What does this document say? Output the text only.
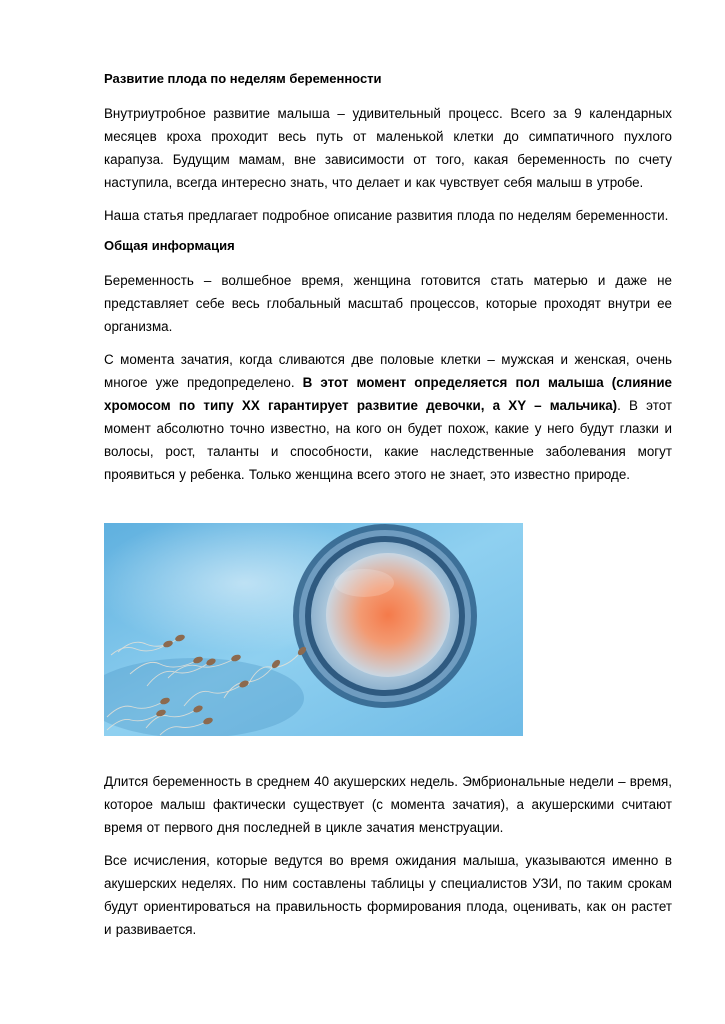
Развитие плода по неделям беременности

Внутриутробное развитие малыша – удивительный процесс. Всего за 9 календарных месяцев кроха проходит весь путь от маленькой клетки до симпатичного пухлого карапуза. Будущим мамам, вне зависимости от того, какая беременность по счету наступила, всегда интересно знать, что делает и как чувствует себя малыш в утробе.

Наша статья предлагает подробное описание развития плода по неделям беременности.

Общая информация

Беременность – волшебное время, женщина готовится стать матерью и даже не представляет себе весь глобальный масштаб процессов, которые проходят внутри ее организма.

С момента зачатия, когда сливаются две половые клетки – мужская и женская, очень многое уже предопределено. В этот момент определяется пол малыша (слияние хромосом по типу XX гарантирует развитие девочки, а XY – мальчика). В этот момент абсолютно точно известно, на кого он будет похож, какие у него будут глазки и волосы, рост, таланты и способности, какие наследственные заболевания могут проявиться у ребенка. Только женщина всего этого не знает, это известно природе.

Длится беременность в среднем 40 акушерских недель. Эмбриональные недели – время, которое малыш фактически существует (с момента зачатия), а акушерскими считают время от первого дня последней в цикле зачатия менструации.

Все исчисления, которые ведутся во время ожидания малыша, указываются именно в акушерских неделях. По ним составлены таблицы у специалистов УЗИ, по таким срокам будут ориентироваться на правильность формирования плода, оценивать, как он растет и развивается.
